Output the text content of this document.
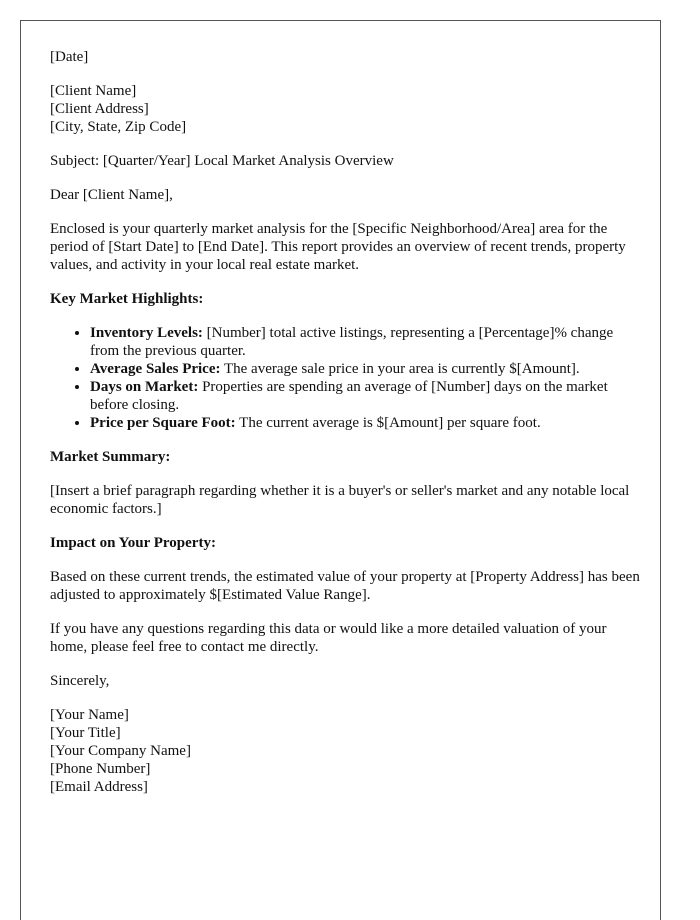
[Date]

[Client Name]

[Client Address]

[City, State, Zip Code]

Subject: [Quarter/Year] Local Market Analysis Overview

Dear [Client Name],

Enclosed is your quarterly market analysis for the [Specific Neighborhood/Area] area for the period of [Start Date] to [End Date]. This report provides an overview of recent trends, property values, and activity in your local real estate market.

Key Market Highlights:

• Inventory Levels: [Number] total active listings, representing a [Percentage]% change from the previous quarter.
• Average Sales Price: The average sale price in your area is currently $[Amount].
• Days on Market: Properties are spending an average of [Number] days on the market before closing.
• Price per Square Foot: The current average is $[Amount] per square foot.

Market Summary:

[Insert a brief paragraph regarding whether it is a buyer's or seller's market and any notable local economic factors.]

Impact on Your Property:

Based on these current trends, the estimated value of your property at [Property Address] has been adjusted to approximately $[Estimated Value Range].

If you have any questions regarding this data or would like a more detailed valuation of your home, please feel free to contact me directly.

Sincerely,

[Your Name]
[Your Title]
[Your Company Name]
[Phone Number]
[Email Address]
